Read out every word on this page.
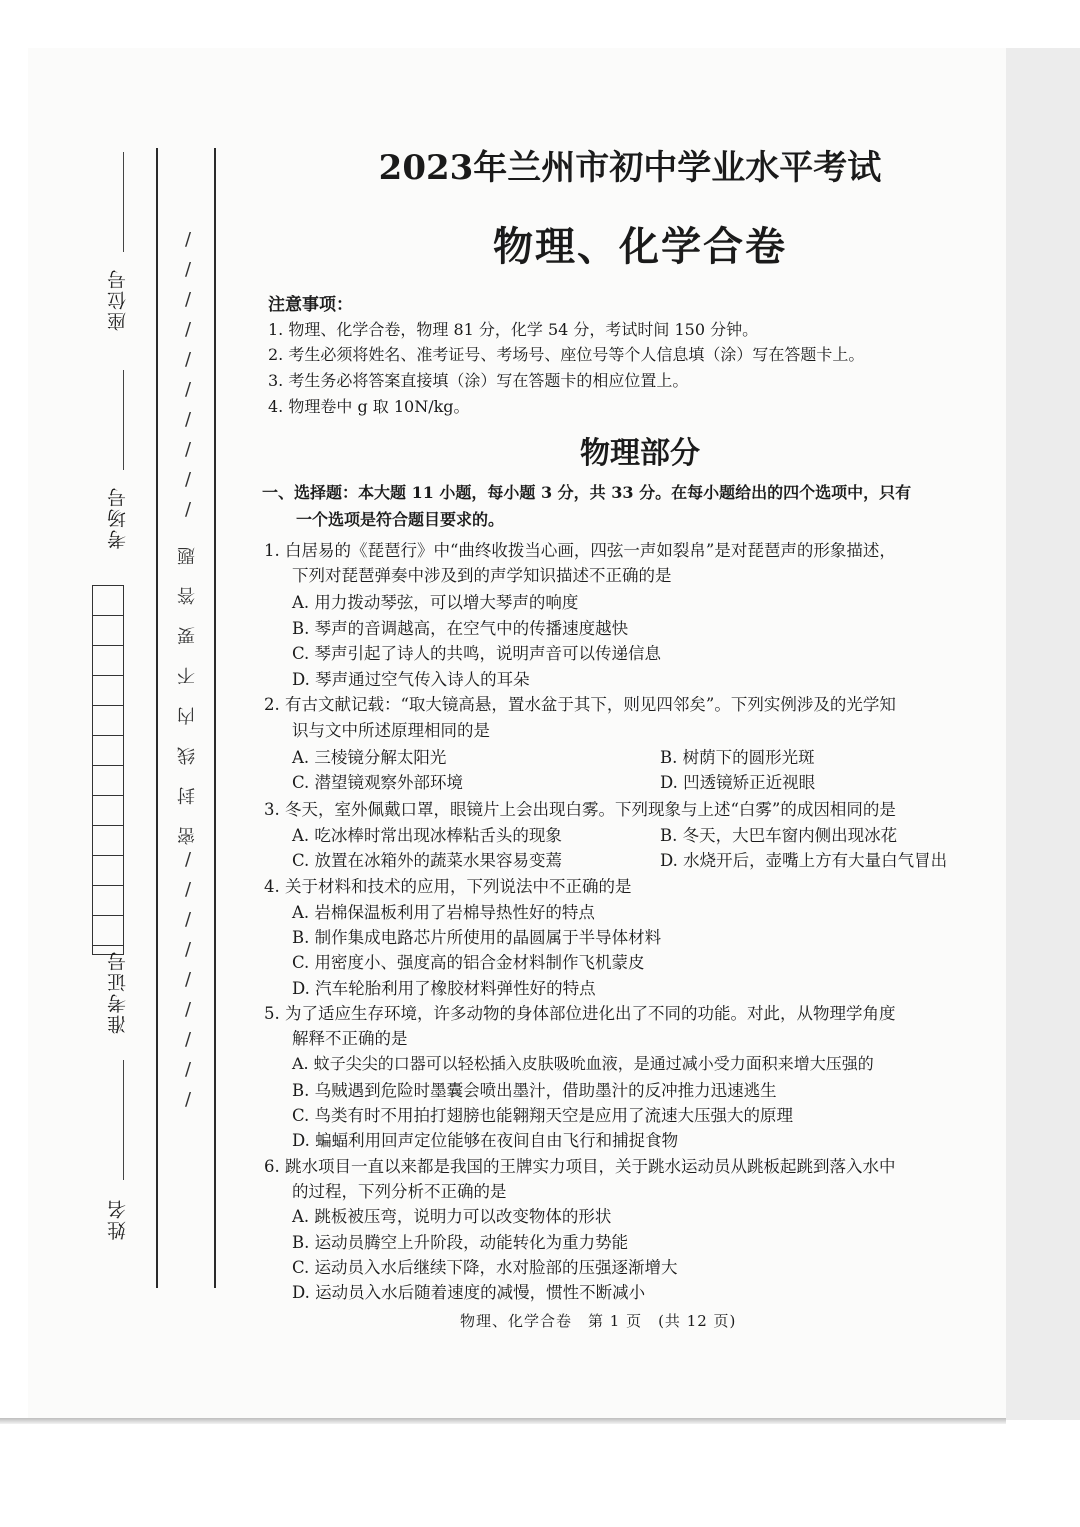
座位号
考场号
准考证号
姓名
/
/
/
/
/
/
/
/
/
/
题
答
要
不
内
线
封
密
/
/
/
/
/
/
/
/
/
2023年兰州市初中学业水平考试
物理、化学合卷
注意事项：
1. 物理、化学合卷，物理 81 分，化学 54 分，考试时间 150 分钟。
2. 考生必须将姓名、准考证号、考场号、座位号等个人信息填（涂）写在答题卡上。
3. 考生务必将答案直接填（涂）写在答题卡的相应位置上。
4. 物理卷中 g 取 10N/kg。
物理部分
一、选择题：本大题 11 小题，每小题 3 分，共 33 分。在每小题给出的四个选项中，只有
一个选项是符合题目要求的。
1. 白居易的《琵琶行》中“曲终收拨当心画，四弦一声如裂帛”是对琵琶声的形象描述，
下列对琵琶弹奏中涉及到的声学知识描述不正确的是
A. 用力拨动琴弦，可以增大琴声的响度
B. 琴声的音调越高，在空气中的传播速度越快
C. 琴声引起了诗人的共鸣，说明声音可以传递信息
D. 琴声通过空气传入诗人的耳朵
2. 有古文献记载：“取大镜高悬，置水盆于其下，则见四邻矣”。下列实例涉及的光学知
识与文中所述原理相同的是
A. 三棱镜分解太阳光	B. 树荫下的圆形光斑
C. 潜望镜观察外部环境	D. 凹透镜矫正近视眼
3. 冬天，室外佩戴口罩，眼镜片上会出现白雾。下列现象与上述“白雾”的成因相同的是
A. 吃冰棒时常出现冰棒粘舌头的现象	B. 冬天，大巴车窗内侧出现冰花
C. 放置在冰箱外的蔬菜水果容易变蔫	D. 水烧开后，壶嘴上方有大量白气冒出
4. 关于材料和技术的应用，下列说法中不正确的是
A. 岩棉保温板利用了岩棉导热性好的特点
B. 制作集成电路芯片所使用的晶圆属于半导体材料
C. 用密度小、强度高的铝合金材料制作飞机蒙皮
D. 汽车轮胎利用了橡胶材料弹性好的特点
5. 为了适应生存环境，许多动物的身体部位进化出了不同的功能。对此，从物理学角度
解释不正确的是
A. 蚊子尖尖的口器可以轻松插入皮肤吸吮血液，是通过减小受力面积来增大压强的
B. 乌贼遇到危险时墨囊会喷出墨汁，借助墨汁的反冲推力迅速逃生
C. 鸟类有时不用拍打翅膀也能翱翔天空是应用了流速大压强大的原理
D. 蝙蝠利用回声定位能够在夜间自由飞行和捕捉食物
6. 跳水项目一直以来都是我国的王牌实力项目，关于跳水运动员从跳板起跳到落入水中
的过程，下列分析不正确的是
A. 跳板被压弯，说明力可以改变物体的形状
B. 运动员腾空上升阶段，动能转化为重力势能
C. 运动员入水后继续下降，水对脸部的压强逐渐增大
D. 运动员入水后随着速度的减慢，惯性不断减小
物理、化学合卷　第 1 页　(共 12 页)
